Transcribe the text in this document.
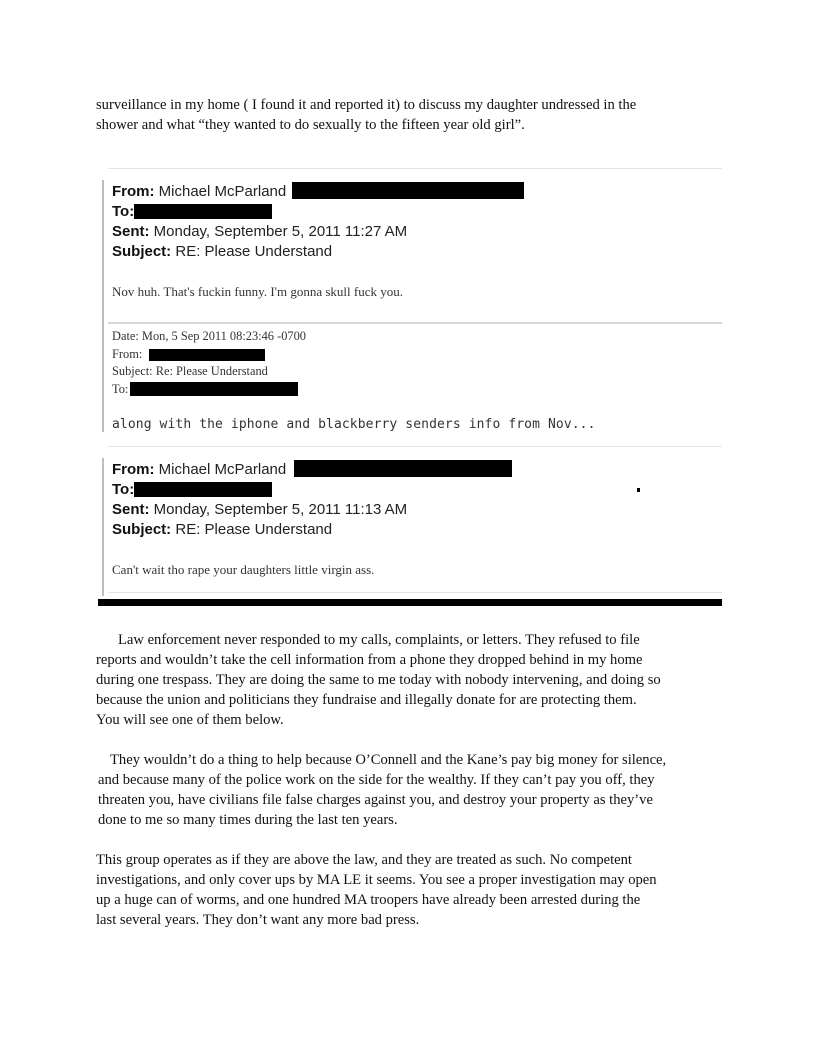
surveillance in my home ( I found it and reported it) to discuss my daughter undressed in the
shower and what “they wanted to do sexually to the fifteen year old girl”.

From: Michael McParland
To:
Sent: Monday, September 5, 2011 11:27 AM
Subject: RE: Please Understand
Nov huh. That's fuckin funny. I'm gonna skull fuck you.
Date: Mon, 5 Sep 2011 08:23:46 -0700
From:
Subject: Re: Please Understand
To:
along with the iphone and blackberry senders info from Nov...
From: Michael McParland
To:
Sent: Monday, September 5, 2011 11:13 AM
Subject: RE: Please Understand
Can't wait tho rape your daughters little virgin ass.

Law enforcement never responded to my calls, complaints, or letters. They refused to file
reports and wouldn’t take the cell information from a phone they dropped behind in my home
during one trespass. They are doing the same to me today with nobody intervening, and doing so
because the union and politicians they fundraise and illegally donate for are protecting them.
You will see one of them below.

They wouldn’t do a thing to help because O’Connell and the Kane’s pay big money for silence,
and because many of the police work on the side for the wealthy. If they can’t pay you off, they
threaten you, have civilians file false charges against you, and destroy your property as they’ve
done to me so many times during the last ten years.

This group operates as if they are above the law, and they are treated as such. No competent
investigations, and only cover ups by MA LE it seems. You see a proper investigation may open
up a huge can of worms, and one hundred MA troopers have already been arrested during the
last several years. They don’t want any more bad press.
